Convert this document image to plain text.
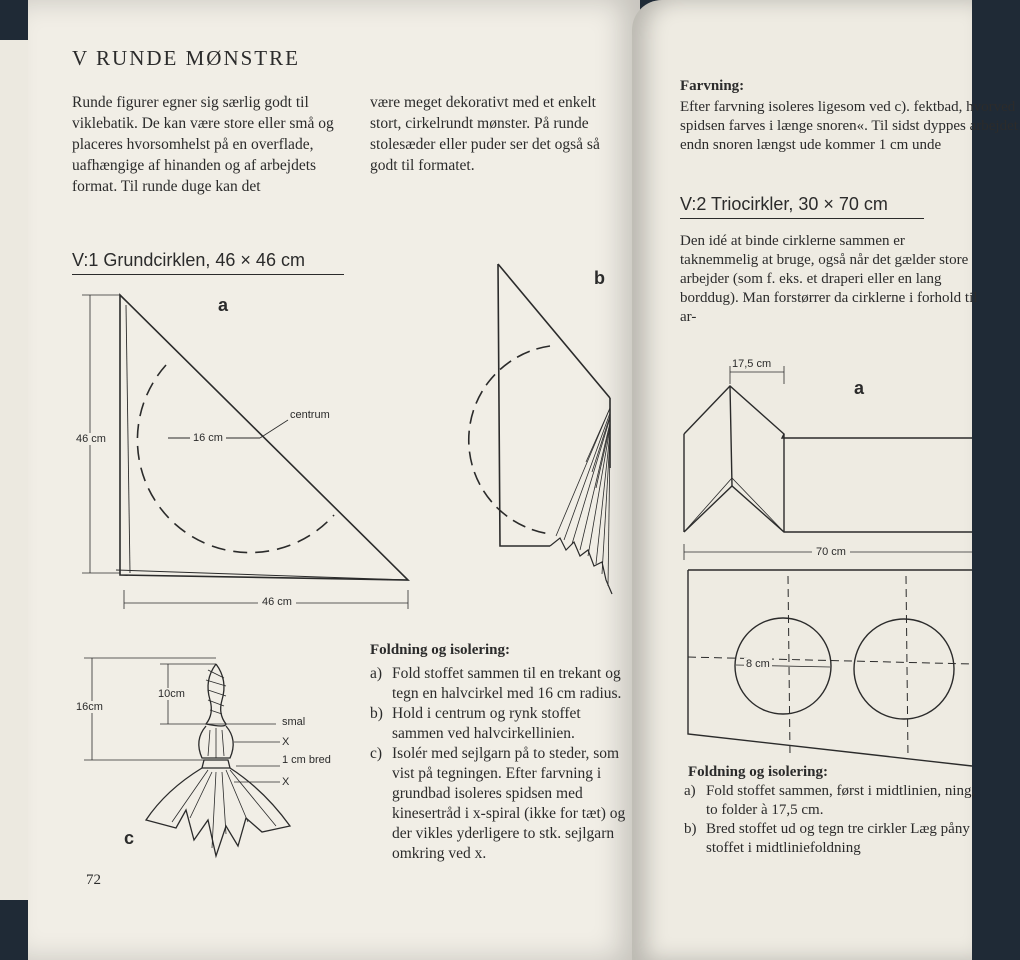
V RUNDE MØNSTRE
Runde figurer egner sig særlig godt til viklebatik. De kan være store eller små og placeres hvorsomhelst på en overflade, uafhængige af hinanden og af arbejdets format. Til runde duge kan det
være meget dekorativt med et enkelt stort, cirkelrundt mønster. På runde stolesæder eller puder ser det også så godt til formatet.
V:1 Grundcirklen, 46 × 46 cm
a
46 cm
46 cm
16 cm
centrum
b
16cm
10cm
smal
X
1 cm bred
X
c
Foldning og isolering:
a) Fold stoffet sammen til en trekant og tegn en halvcirkel med 16 cm radius.
b) Hold i centrum og rynk stoffet sammen ved halvcirkellinien.
c) Isolér med sejlgarn på to steder, som vist på tegningen. Efter farvning i grundbad isoleres spidsen med kinesertråd i x-spiral (ikke for tæt) og der vikles yderligere to stk. sejlgarn omkring ved x.
72
Farvning:
Efter farvning isoleres ligesom ved c). fektbad, hvorved spidsen farves i længe snoren«. Til sidst dyppes arbejdet endn snoren længst ude kommer 1 cm unde
V:2 Triocirkler, 30 × 70 cm
Den idé at binde cirklerne sammen er taknemmelig at bruge, også når det gælder store arbejder (som f. eks. et draperi eller en lang borddug). Man forstørrer da cirklerne i forhold til ar-
17,5 cm
70 cm
8 cm
a
Foldning og isolering:
a) Fold stoffet sammen, først i midtlinien, ning, to folder à 17,5 cm.
b) Bred stoffet ud og tegn tre cirkler Læg påny stoffet i midtliniefoldning
